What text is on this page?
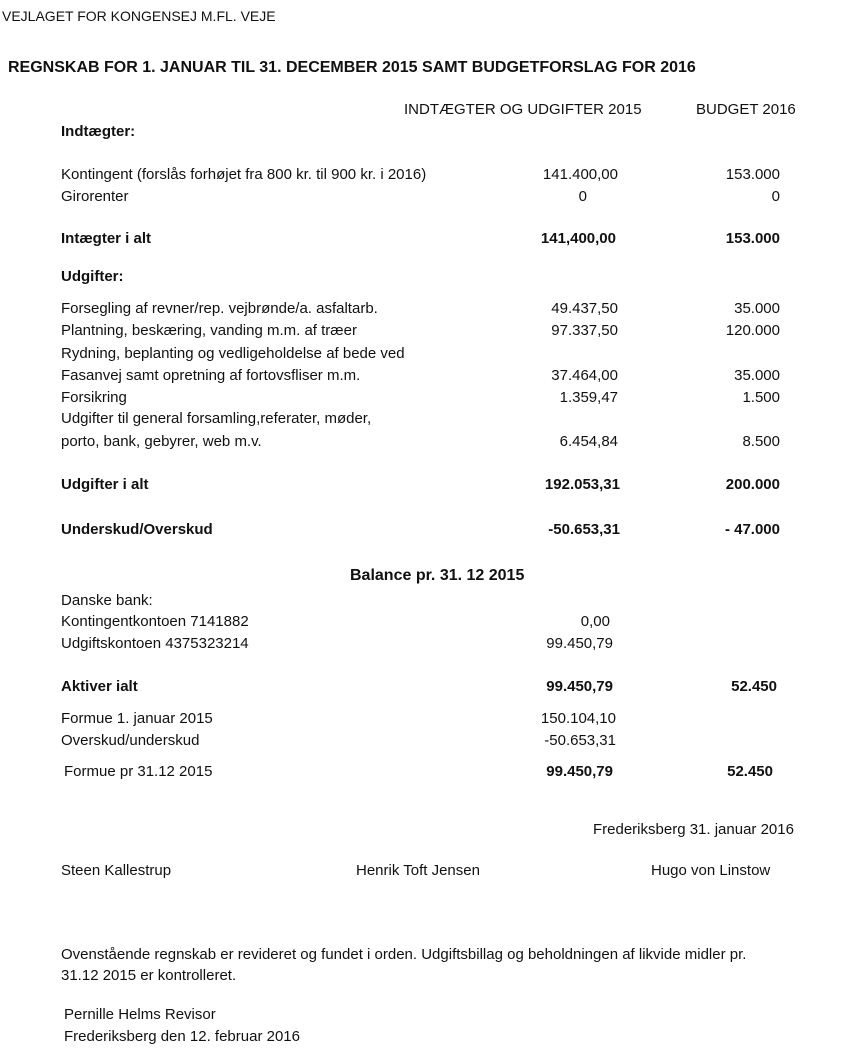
VEJLAGET FOR KONGENSEJ M.FL. VEJE
REGNSKAB FOR 1. JANUAR TIL 31. DECEMBER 2015 SAMT BUDGETFORSLAG FOR 2016
INDTÆGTER OG UDGIFTER 2015	BUDGET 2016
Indtægter:
Kontingent (forslås forhøjet fra 800 kr. til 900 kr. i 2016)	141.400,00	153.000
Girorenter	0	0
Intægter i alt	141,400,00	153.000
Udgifter:
Forsegling af revner/rep. vejbrønde/a. asfaltarb.	49.437,50	35.000
Plantning, beskæring, vanding m.m. af træer	97.337,50	120.000
Rydning, beplanting og vedligeholdelse af bede ved
Fasanvej samt opretning af fortovsfliser m.m.	37.464,00	35.000
Forsikring	1.359,47	1.500
Udgifter til general forsamling,referater, møder,
porto, bank, gebyrer, web m.v.	6.454,84	8.500
Udgifter i alt	192.053,31	200.000
Underskud/Overskud	-50.653,31	- 47.000
Balance pr. 31. 12 2015
Danske bank:
Kontingentkontoen 7141882	0,00
Udgiftskontoen 4375323214	99.450,79
Aktiver ialt	99.450,79	52.450
Formue 1. januar 2015	150.104,10
Overskud/underskud	-50.653,31
Formue pr 31.12 2015	99.450,79	52.450
Frederiksberg 31. januar 2016
Steen Kallestrup	Henrik Toft Jensen	Hugo von Linstow
Ovenstående regnskab er revideret og fundet i orden. Udgiftsbillag og beholdningen af likvide midler pr.
31.12 2015 er kontrolleret.
Pernille Helms Revisor
Frederiksberg den 12. februar 2016
